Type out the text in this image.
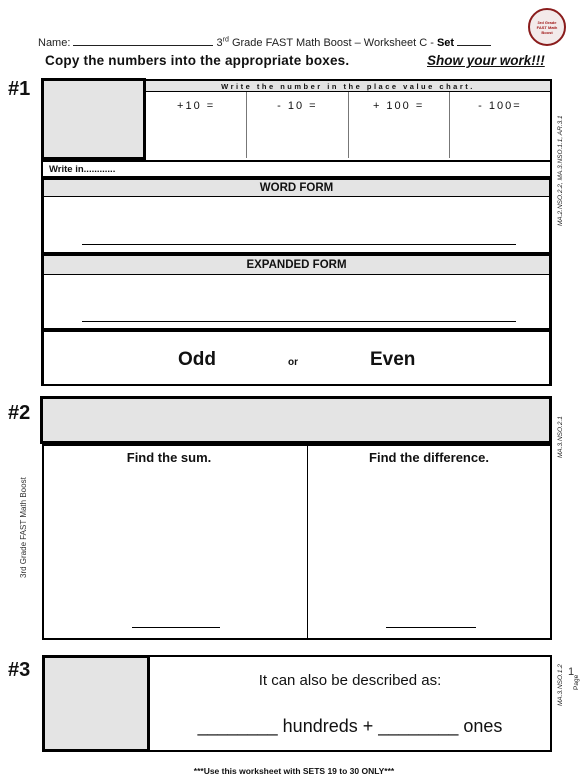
Name:	3rd Grade FAST Math Boost – Worksheet C - Set
3rd Grade
FAST Math
Boost
Copy the numbers into the appropriate boxes.	Show your work!!!
#1	Write the number in the place value chart.
+10 =	- 10 =	+ 100 =	- 100=
Write in............
WORD FORM
EXPANDED FORM
Odd	or	Even
MA.2.NSO.2.2, MA.3.NSO.1.1, AR.3.1
#2
Find the sum.	Find the difference.	MA.3.NSO.2.1
3rd Grade FAST Math Boost
#3	It can also be described as:
________ hundreds + ________ ones
MA.3.NSO.1.2 1
Page
***Use this worksheet with SETS 19 to 30 ONLY***
